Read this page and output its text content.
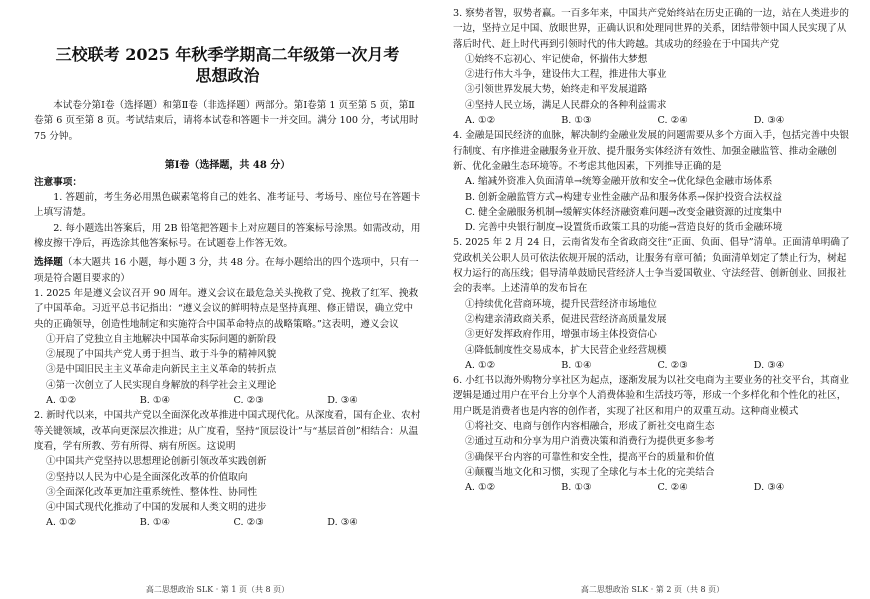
三校联考 2025 年秋季学期高二年级第一次月考
思想政治

本试卷分第Ⅰ卷（选择题）和第Ⅱ卷（非选择题）两部分。第Ⅰ卷第 1 页至第 5 页，第Ⅱ卷第 6 页至第 8 页。考试结束后，请将本试卷和答题卡一并交回。满分 100 分，考试用时 75 分钟。

第Ⅰ卷（选择题，共 48 分）

注意事项：

1. 答题前，考生务必用黑色碳素笔将自己的姓名、准考证号、考场号、座位号在答题卡上填写清楚。

2. 每小题选出答案后，用 2B 铅笔把答题卡上对应题目的答案标号涂黑。如需改动，用橡皮擦干净后，再选涂其他答案标号。在试题卷上作答无效。

选择题（本大题共 16 小题，每小题 3 分，共 48 分。在每小题给出的四个选项中，只有一项是符合题目要求的）

1. 2025 年是遵义会议召开 90 周年。遵义会议在最危急关头挽救了党、挽救了红军、挽救了中国革命。习近平总书记指出：“遵义会议的鲜明特点是坚持真理、修正错误，确立党中央的正确领导，创造性地制定和实施符合中国革命特点的战略策略。”这表明，遵义会议

①开启了党独立自主地解决中国革命实际问题的新阶段

②展现了中国共产党人勇于担当、敢于斗争的精神风貌

③是中国旧民主主义革命走向新民主主义革命的转折点

④第一次创立了人民实现自身解放的科学社会主义理论

A. ①②	B. ①④	C. ②③	D. ③④

2. 新时代以来，中国共产党以全面深化改革推进中国式现代化。从深度看，国有企业、农村等关键领域，改革向更深层次推进；从广度看，坚持“顶层设计”与“基层首创”相结合：从温度看，学有所教、劳有所得、病有所医。这说明

①中国共产党坚持以思想理论创新引领改革实践创新

②坚持以人民为中心是全面深化改革的价值取向

③全面深化改革更加注重系统性、整体性、协同性

④中国式现代化推动了中国的发展和人类文明的进步

A. ①②	B. ①④	C. ②③	D. ③④
高二思想政治 SLK · 第 1 页（共 8 页）

3. 察势者智，驭势者赢。一百多年来，中国共产党始终站在历史正确的一边，站在人类进步的一边，坚持立足中国、放眼世界，正确认识和处理同世界的关系，团结带领中国人民实现了从落后时代、赶上时代再到引领时代的伟大跨越。其成功的经验在于中国共产党

①始终不忘初心、牢记使命，怀揣伟大梦想

②进行伟大斗争，建设伟大工程，推进伟大事业

③引领世界发展大势，始终走和平发展道路

④坚持人民立场，满足人民群众的各种利益需求

A. ①②	B. ①③	C. ②④	D. ③④

4. 金融是国民经济的血脉，解决制约金融业发展的问题需要从多个方面入手，包括完善中央银行制度、有序推进金融服务业开放、提升服务实体经济有效性、加强金融监管、推动金融创新、优化金融生态环境等。不考虑其他因素，下列推导正确的是

A. 缩减外资准入负面清单→统筹金融开放和安全→优化绿色金融市场体系

B. 创新金融监管方式→构建专业性金融产品和服务体系→保护投资合法权益

C. 健全金融服务机制→缓解实体经济融资难问题→改变金融资源的过度集中

D. 完善中央银行制度→设置货币政策工具的功能→营造良好的货币金融环境

5. 2025 年 2 月 24 日，云南省发布全省政商交往“正面、负面、倡导”清单。正面清单明确了党政机关公职人员可依法依规开展的活动，让服务有章可循；负面清单划定了禁止行为，树起权力运行的高压线；倡导清单鼓励民营经济人士争当爱国敬业、守法经营、创新创业、回报社会的表率。上述清单的发布旨在

①持续优化营商环境，提升民营经济市场地位

②构建亲清政商关系，促进民营经济高质量发展

③更好发挥政府作用，增强市场主体投资信心

④降低制度性交易成本，扩大民营企业经营规模

A. ①②	B. ①④	C. ②③	D. ③④

6. 小红书以海外购物分享社区为起点，逐渐发展为以社交电商为主要业务的社交平台，其商业逻辑是通过用户在平台上分享个人消费体验和生活技巧等，形成一个多样化和个性化的社区，用户既是消费者也是内容的创作者，实现了社区和用户的双重互动。这种商业模式

①将社交、电商与创作内容相融合，形成了新社交电商生态

②通过互动和分享为用户消费决策和消费行为提供更多参考

③确保平台内容的可靠性和安全性，提高平台的质量和价值

④颠覆当地文化和习惯，实现了全球化与本土化的完美结合

A. ①②	B. ①③	C. ②④	D. ③④
高二思想政治 SLK · 第 2 页（共 8 页）
